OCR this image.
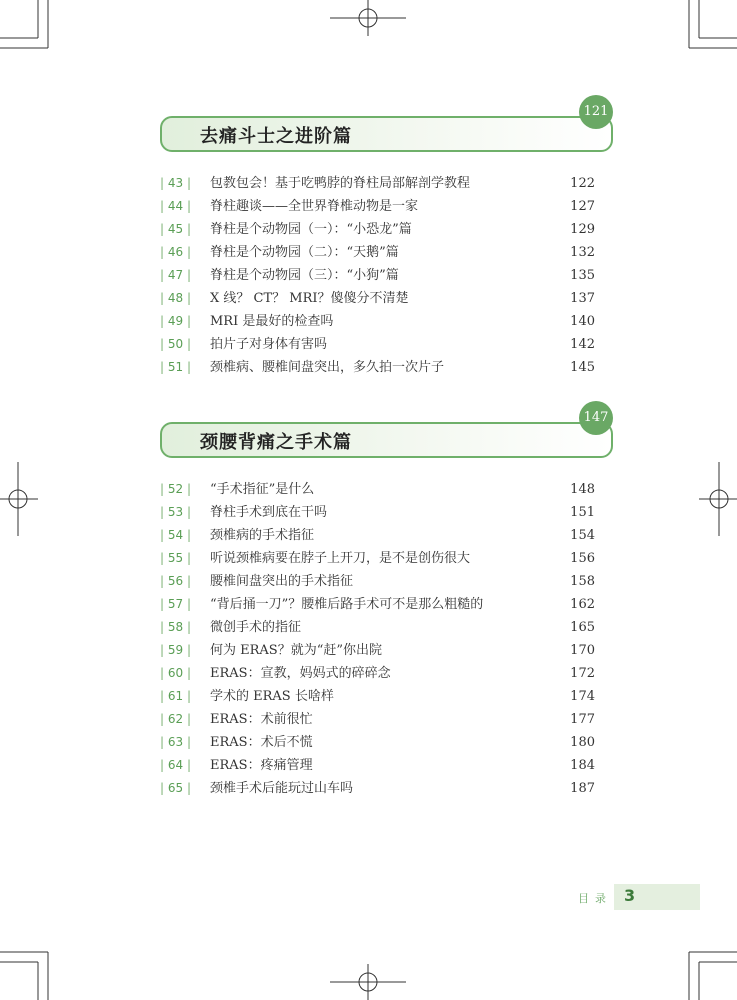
去痛斗士之进阶篇
121
| 43 |	包教包会！基于吃鸭脖的脊柱局部解剖学教程	122
| 44 |	脊柱趣谈——全世界脊椎动物是一家	127
| 45 |	脊柱是个动物园（一）：“小恐龙”篇	129
| 46 |	脊柱是个动物园（二）：“天鹅”篇	132
| 47 |	脊柱是个动物园（三）：“小狗”篇	135
| 48 |	X 线？ CT？ MRI？傻傻分不清楚	137
| 49 |	MRI 是最好的检查吗	140
| 50 |	拍片子对身体有害吗	142
| 51 |	颈椎病、腰椎间盘突出，多久拍一次片子	145
颈腰背痛之手术篇
147
| 52 |	“手术指征”是什么	148
| 53 |	脊柱手术到底在干吗	151
| 54 |	颈椎病的手术指征	154
| 55 |	听说颈椎病要在脖子上开刀，是不是创伤很大	156
| 56 |	腰椎间盘突出的手术指征	158
| 57 |	“背后捅一刀”？腰椎后路手术可不是那么粗糙的	162
| 58 |	微创手术的指征	165
| 59 |	何为 ERAS？就为“赶”你出院	170
| 60 |	ERAS：宣教，妈妈式的碎碎念	172
| 61 |	学术的 ERAS 长啥样	174
| 62 |	ERAS：术前很忙	177
| 63 |	ERAS：术后不慌	180
| 64 |	ERAS：疼痛管理	184
| 65 |	颈椎手术后能玩过山车吗	187
目录 3
